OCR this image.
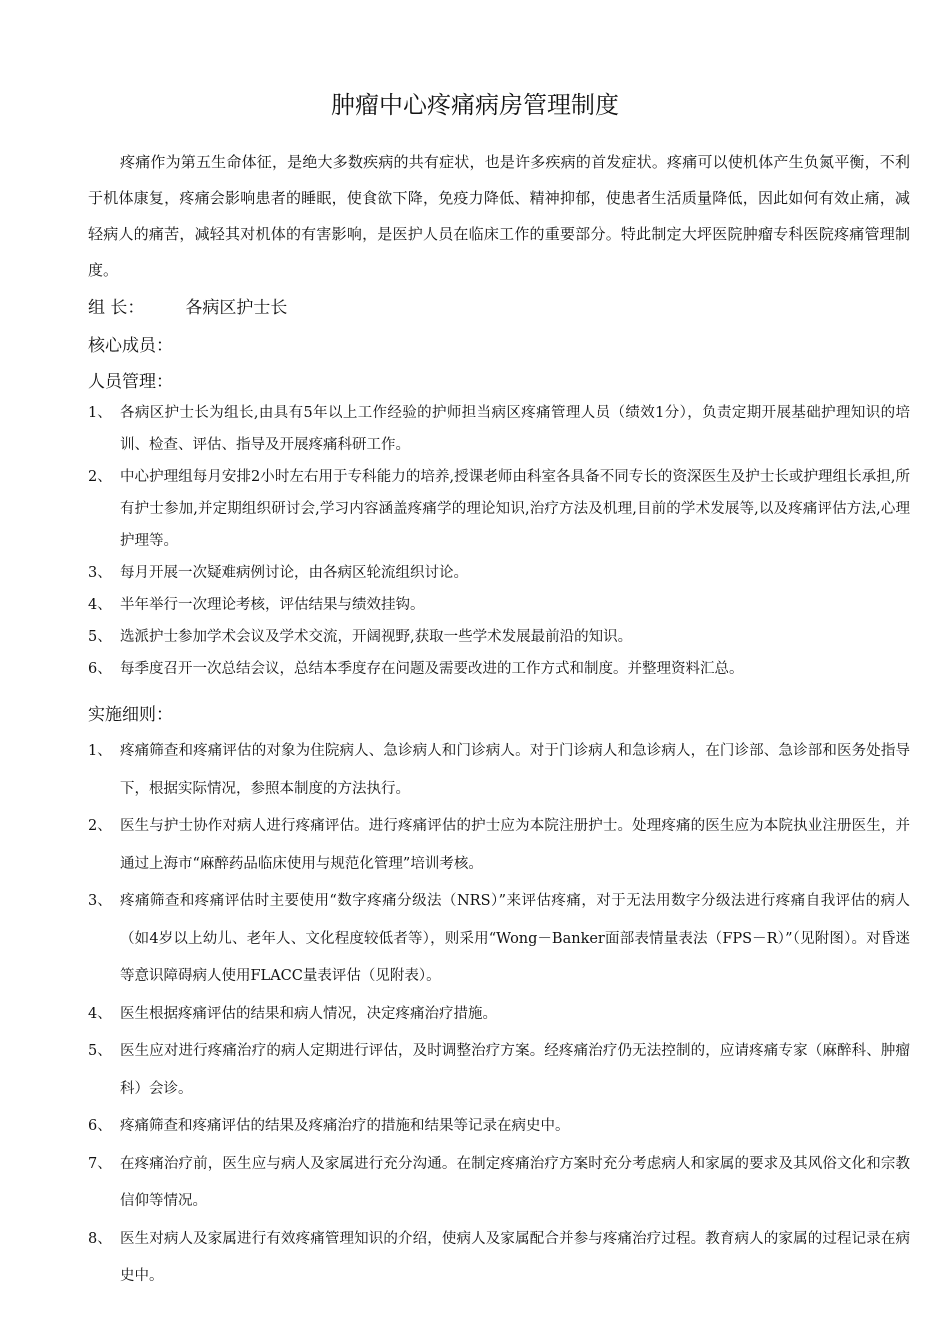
肿瘤中心疼痛病房管理制度

疼痛作为第五生命体征，是绝大多数疾病的共有症状，也是许多疾病的首发症状。疼痛可以使机体产生负氮平衡，不利于机体康复，疼痛会影响患者的睡眠，使食欲下降，免疫力降低、精神抑郁，使患者生活质量降低，因此如何有效止痛，减轻病人的痛苦，减轻其对机体的有害影响，是医护人员在临床工作的重要部分。特此制定大坪医院肿瘤专科医院疼痛管理制度。

组 长： 各病区护士长
核心成员：
人员管理：
1、 各病区护士长为组长,由具有5年以上工作经验的护师担当病区疼痛管理人员（绩效1分），负责定期开展基础护理知识的培训、检查、评估、指导及开展疼痛科研工作。
2、 中心护理组每月安排2小时左右用于专科能力的培养,授课老师由科室各具备不同专长的资深医生及护士长或护理组长承担,所有护士参加,并定期组织研讨会,学习内容涵盖疼痛学的理论知识,治疗方法及机理,目前的学术发展等,以及疼痛评估方法,心理护理等。
3、 每月开展一次疑难病例讨论，由各病区轮流组织讨论。
4、 半年举行一次理论考核，评估结果与绩效挂钩。
5、 选派护士参加学术会议及学术交流，开阔视野,获取一些学术发展最前沿的知识。
6、 每季度召开一次总结会议，总结本季度存在问题及需要改进的工作方式和制度。并整理资料汇总。
实施细则：
1、 疼痛筛查和疼痛评估的对象为住院病人、急诊病人和门诊病人。对于门诊病人和急诊病人，在门诊部、急诊部和医务处指导下，根据实际情况，参照本制度的方法执行。
2、 医生与护士协作对病人进行疼痛评估。进行疼痛评估的护士应为本院注册护士。处理疼痛的医生应为本院执业注册医生，并通过上海市“麻醉药品临床使用与规范化管理”培训考核。
3、 疼痛筛查和疼痛评估时主要使用“数字疼痛分级法（NRS）”来评估疼痛，对于无法用数字分级法进行疼痛自我评估的病人（如4岁以上幼儿、老年人、文化程度较低者等），则采用“Wong－Banker面部表情量表法（FPS－R）”（见附图）。对昏迷等意识障碍病人使用FLACC量表评估（见附表）。
4、 医生根据疼痛评估的结果和病人情况，决定疼痛治疗措施。
5、 医生应对进行疼痛治疗的病人定期进行评估，及时调整治疗方案。经疼痛治疗仍无法控制的，应请疼痛专家（麻醉科、肿瘤科）会诊。
6、 疼痛筛查和疼痛评估的结果及疼痛治疗的措施和结果等记录在病史中。
7、 在疼痛治疗前，医生应与病人及家属进行充分沟通。在制定疼痛治疗方案时充分考虑病人和家属的要求及其风俗文化和宗教信仰等情况。
8、 医生对病人及家属进行有效疼痛管理知识的介绍，使病人及家属配合并参与疼痛治疗过程。教育病人的家属的过程记录在病史中。
